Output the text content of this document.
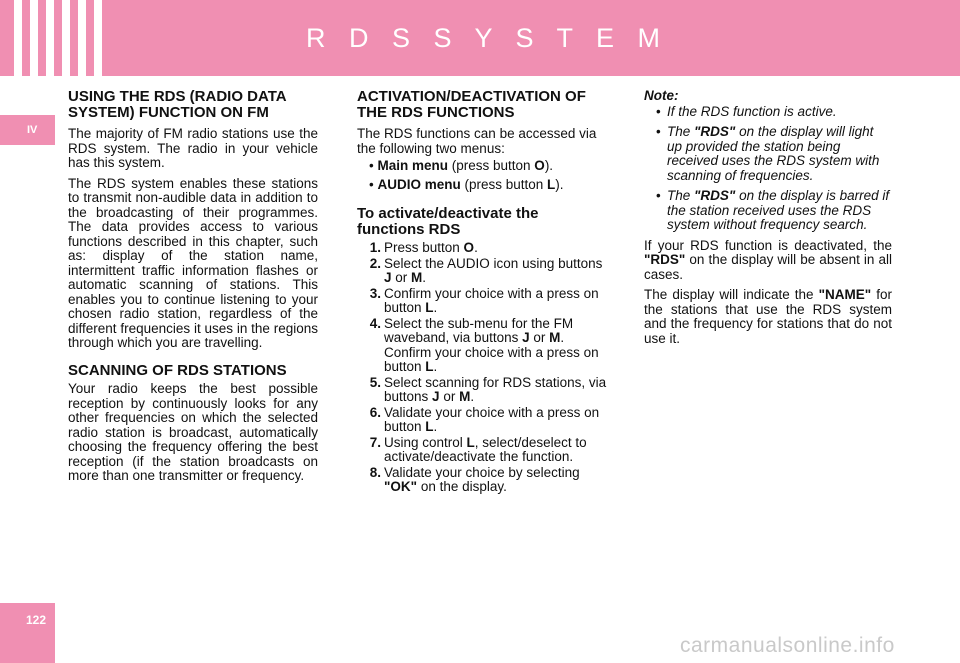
R D S S Y S T E M
IV
122
USING THE RDS (RADIO DATA SYSTEM) FUNCTION ON FM

The majority of FM radio stations use the RDS system. The radio in your vehicle has this system.

The RDS system enables these stations to transmit non-audible data in addition to the broadcasting of their programmes. The data provides access to various functions described in this chapter, such as: display of the station name, intermittent traffic information flashes or automatic scanning of stations. This enables you to continue listening to your chosen radio station, regardless of the different frequencies it uses in the regions through which you are travelling.

SCANNING OF RDS STATIONS

Your radio keeps the best possible reception by continuously looks for any other frequencies on which the selected radio station is broadcast, automatically choosing the frequency offering the best reception (if the station broadcasts on more than one transmitter or frequency.

ACTIVATION/DEACTIVATION OF THE RDS FUNCTIONS

The RDS functions can be accessed via the following two menus:

• Main menu (press button O).
• AUDIO menu (press button L).
To activate/deactivate the functions RDS
1. Press button O.
2. Select the AUDIO icon using buttons J or M.
3. Confirm your choice with a press on button L.
4. Select the sub-menu for the FM waveband, via buttons J or M. Confirm your choice with a press on button L.
5. Select scanning for RDS stations, via buttons J or M.
6. Validate your choice with a press on button L.
7. Using control L, select/deselect to activate/deactivate the function.
8. Validate your choice by selecting "OK" on the display.
Note:
• If the RDS function is active.
• The "RDS" on the display will light up provided the station being received uses the RDS system with scanning of frequencies.
• The "RDS" on the display is barred if the station received uses the RDS system without frequency search.

If your RDS function is deactivated, the "RDS" on the display will be absent in all cases.

The display will indicate the "NAME" for the stations that use the RDS system and the frequency for stations that do not use it.

carmanualsonline.info
